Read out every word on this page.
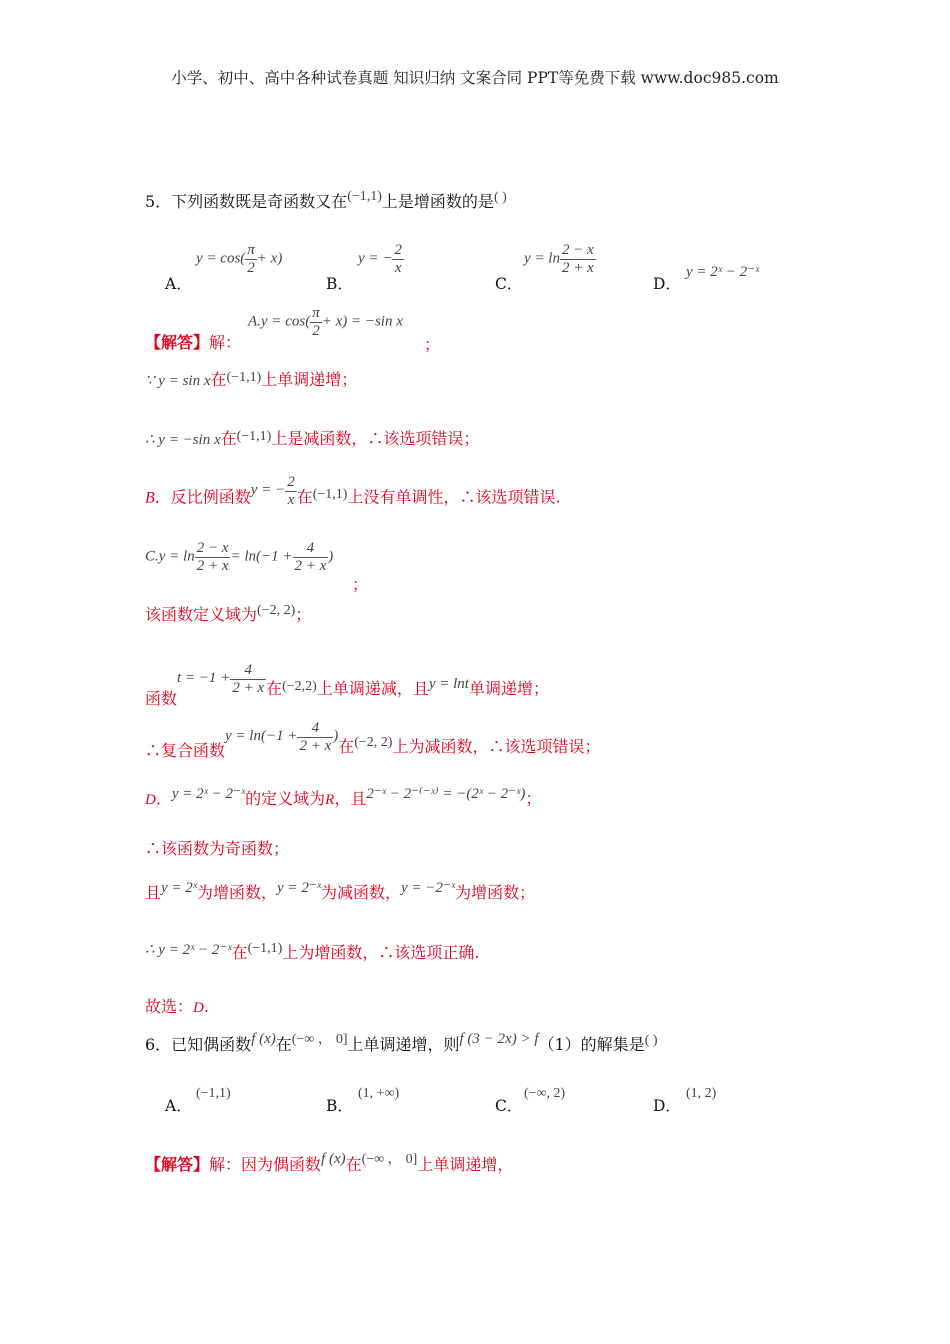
小学、初中、高中各种试卷真题 知识归纳 文案合同 PPT等免费下载 www.doc985.com
5．下列函数既是奇函数又在(−1,1)上是增函数的是( )
A．
$y = \cos( \frac{\pi}{2} + x)$
B．
y = − $\frac{2}{x}$
C．
$y = \ln \frac{2 - x}{2 + x}$
D．
y = 2ˣ − 2⁻ˣ
【解答】解：
$A.y = \cos( \frac{\pi}{2} + x) = -\sin$ x
；
∵ y = sin x在(−1,1)上单调递增；
∴ y = −sin x在(−1,1)上是减函数，∴该选项错误；
B．反比例函数y = − $\frac{2}{x}$ 在(−1,1)上没有单调性，∴该选项错误.
$C.y = \ln \frac{2 - x}{2 + x} = \ln(-1 + \frac{4}{2 + x}$ )
；
该函数定义域为(−2, 2)；
函数$t = -1 + \frac{4}{2 + x}$ 在(−2,2)上单调递减，且y = lnt单调递增；
∴复合函数$y = \ln(-1 + \frac{4}{2 + x}$ )在(−2, 2)上为减函数，∴该选项错误；
D．y = 2ˣ − 2⁻ˣ的定义域为R，且2⁻ˣ − 2⁻⁽⁻ˣ⁾ = −(2ˣ − 2⁻ˣ)；
∴该函数为奇函数；
且y = 2ˣ为增函数，y = 2⁻ˣ为减函数，y = −2⁻ˣ为增函数；
∴ y = 2ˣ − 2⁻ˣ在(−1,1)上为增函数，∴该选项正确.
故选：D.
6．已知偶函数f (x)在(−∞ ， 0]上单调递增，则f (3 − 2x) > f（1）的解集是( )
A．
(−1,1)
B．
(1, +∞)
C．
(−∞, 2)
D．
(1, 2)
【解答】解：因为偶函数f (x)在(−∞ ， 0]上单调递增，
